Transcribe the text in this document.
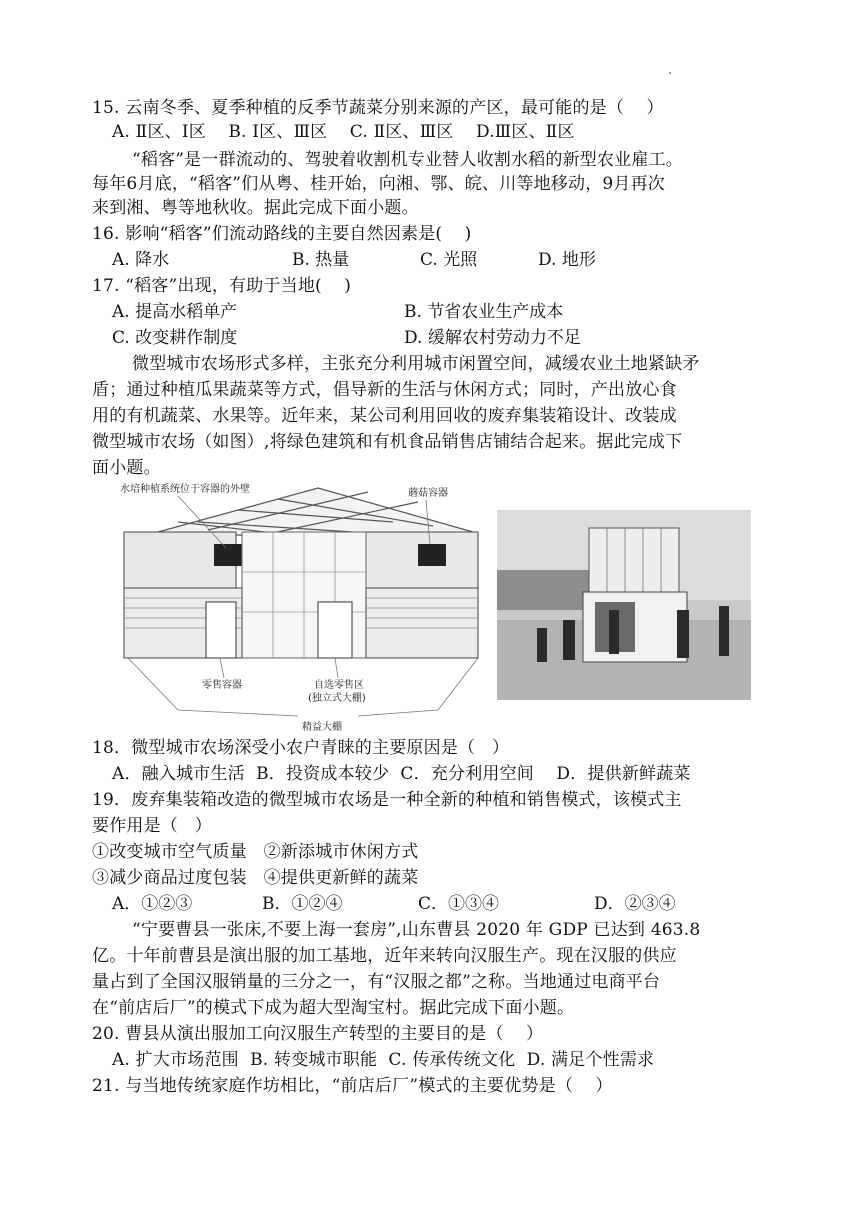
15. 云南冬季、夏季种植的反季节蔬菜分别来源的产区，最可能的是（    ）
A. Ⅱ区、Ⅰ区    B. Ⅰ区、Ⅲ区    C. Ⅱ区、Ⅲ区    D.Ⅲ区、Ⅱ区
“稻客”是一群流动的、驾驶着收割机专业替人收割水稻的新型农业雇工。
每年6月底，“稻客”们从粤、桂开始，向湘、鄂、皖、川等地移动，9月再次
来到湘、粤等地秋收。据此完成下面小题。
16. 影响“稻客”们流动路线的主要自然因素是(    )
A. 降水	B. 热量	C. 光照	D. 地形
17. “稻客”出现，有助于当地(    )
A. 提高水稻单产	B. 节省农业生产成本
C. 改变耕作制度	D. 缓解农村劳动力不足
微型城市农场形式多样，主张充分利用城市闲置空间，减缓农业土地紧缺矛
盾；通过种植瓜果蔬菜等方式，倡导新的生活与休闲方式；同时，产出放心食
用的有机蔬菜、水果等。近年来，某公司利用回收的废弃集装箱设计、改装成
微型城市农场（如图）,将绿色建筑和有机食品销售店铺结合起来。据此完成下
面小题。
水培种植系统位于容器的外壁	蘑菇容器
零售容器	自选零售区
(独立式大棚)
精益大棚
18．微型城市农场深受小农户青睐的主要原因是（   ）
A．融入城市生活  B．投资成本较少  C．充分利用空间    D．提供新鲜蔬菜
19．废弃集装箱改造的微型城市农场是一种全新的种植和销售模式，该模式主
要作用是（   ）
①改变城市空气质量   ②新添城市休闲方式
③减少商品过度包装   ④提供更新鲜的蔬菜
A．①②③	B．①②④	C．①③④	D．②③④
“宁要曹县一张床,不要上海一套房”,山东曹县 2020 年 GDP 已达到 463.8
亿。十年前曹县是演出服的加工基地，近年来转向汉服生产。现在汉服的供应
量占到了全国汉服销量的三分之一，有“汉服之都”之称。当地通过电商平台
在“前店后厂”的模式下成为超大型淘宝村。据此完成下面小题。
20. 曹县从演出服加工向汉服生产转型的主要目的是（    ）
A. 扩大市场范围  B. 转变城市职能  C. 传承传统文化  D. 满足个性需求
21. 与当地传统家庭作坊相比，“前店后厂”模式的主要优势是（    ）
